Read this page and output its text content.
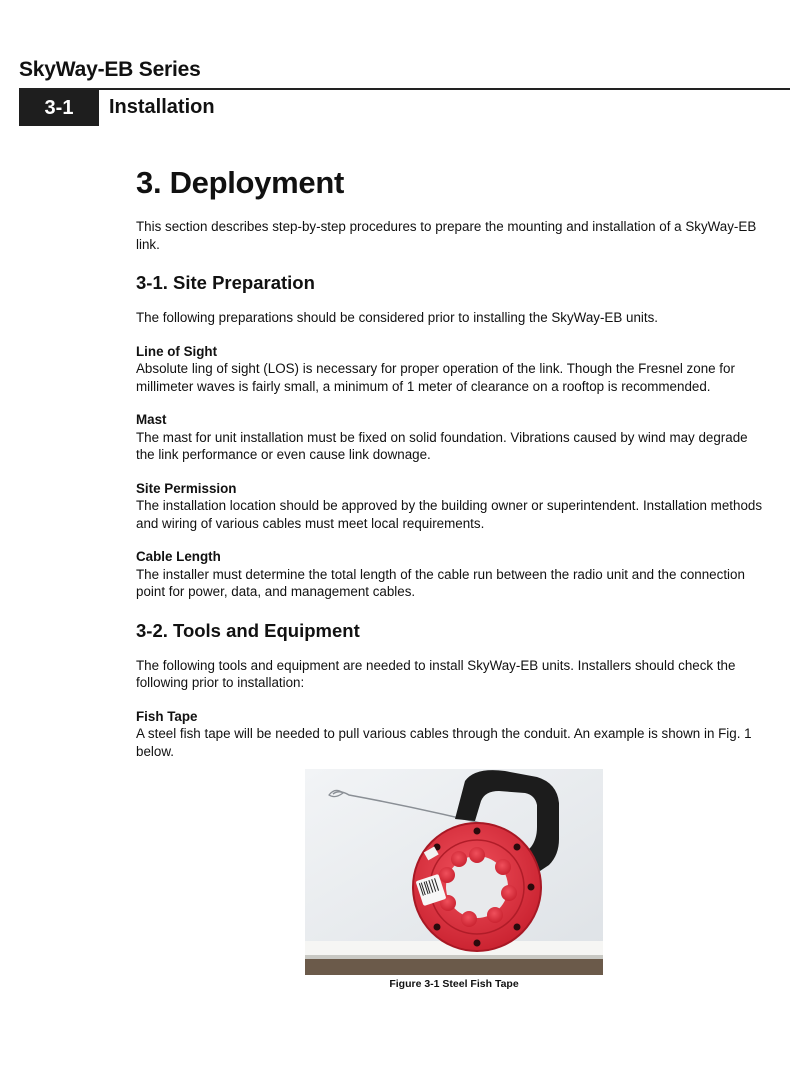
SkyWay-EB Series
3-1	Installation
3. Deployment

This section describes step-by-step procedures to prepare the mounting and installation of a SkyWay-EB link.

3-1. Site Preparation

The following preparations should be considered prior to installing the SkyWay-EB units.

Line of Sight

Absolute ling of sight (LOS) is necessary for proper operation of the link. Though the Fresnel zone for millimeter waves is fairly small, a minimum of 1 meter of clearance on a rooftop is recommended.

Mast

The mast for unit installation must be fixed on solid foundation. Vibrations caused by wind may degrade the link performance or even cause link downage.

Site Permission

The installation location should be approved by the building owner or superintendent. Installation methods and wiring of various cables must meet local requirements.

Cable Length

The installer must determine the total length of the cable run between the radio unit and the connection point for power, data, and management cables.

3-2. Tools and Equipment

The following tools and equipment are needed to install SkyWay-EB units. Installers should check the following prior to installation:

Fish Tape

A steel fish tape will be needed to pull various cables through the conduit. An example is shown in Fig. 1 below.

Figure 3-1 Steel Fish Tape
